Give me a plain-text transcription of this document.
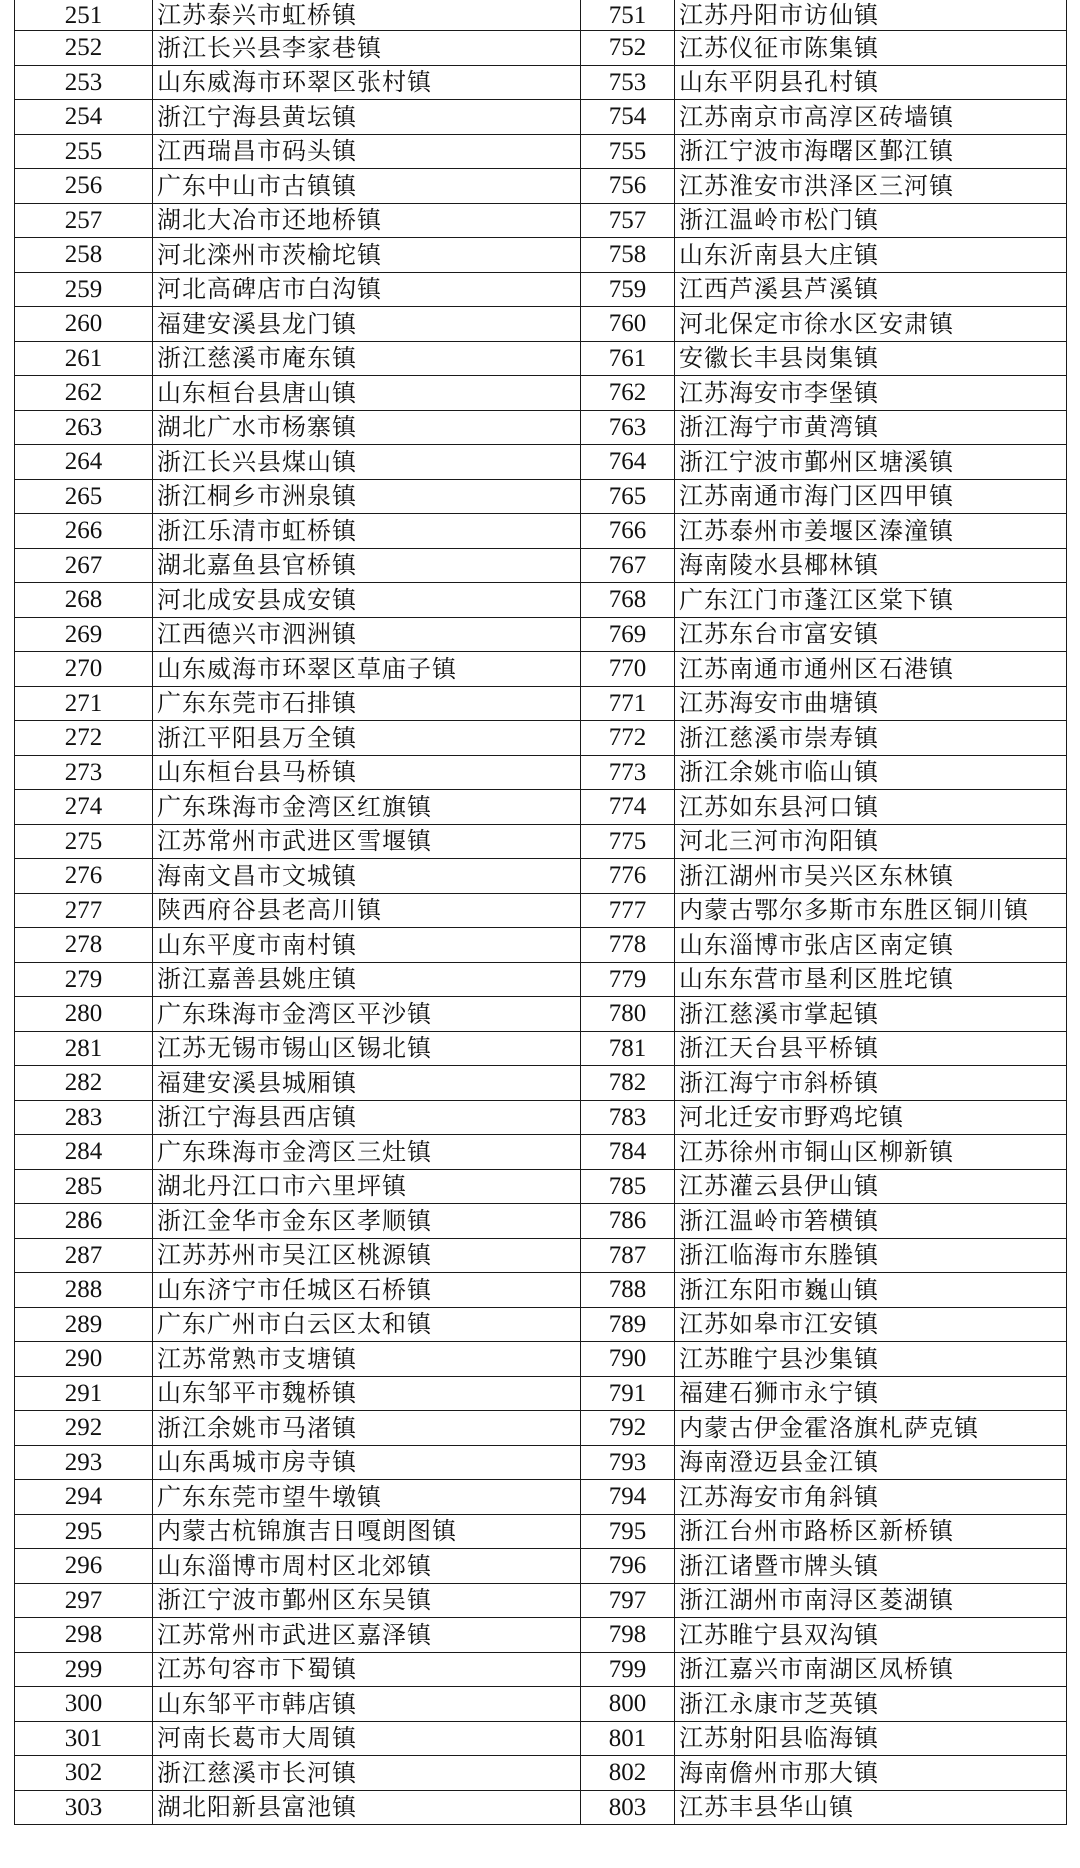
251	江苏泰兴市虹桥镇	751	江苏丹阳市访仙镇
252	浙江长兴县李家巷镇	752	江苏仪征市陈集镇
253	山东威海市环翠区张村镇	753	山东平阴县孔村镇
254	浙江宁海县黄坛镇	754	江苏南京市高淳区砖墙镇
255	江西瑞昌市码头镇	755	浙江宁波市海曙区鄞江镇
256	广东中山市古镇镇	756	江苏淮安市洪泽区三河镇
257	湖北大冶市还地桥镇	757	浙江温岭市松门镇
258	河北滦州市茨榆坨镇	758	山东沂南县大庄镇
259	河北高碑店市白沟镇	759	江西芦溪县芦溪镇
260	福建安溪县龙门镇	760	河北保定市徐水区安肃镇
261	浙江慈溪市庵东镇	761	安徽长丰县岗集镇
262	山东桓台县唐山镇	762	江苏海安市李堡镇
263	湖北广水市杨寨镇	763	浙江海宁市黄湾镇
264	浙江长兴县煤山镇	764	浙江宁波市鄞州区塘溪镇
265	浙江桐乡市洲泉镇	765	江苏南通市海门区四甲镇
266	浙江乐清市虹桥镇	766	江苏泰州市姜堰区溱潼镇
267	湖北嘉鱼县官桥镇	767	海南陵水县椰林镇
268	河北成安县成安镇	768	广东江门市蓬江区棠下镇
269	江西德兴市泗洲镇	769	江苏东台市富安镇
270	山东威海市环翠区草庙子镇	770	江苏南通市通州区石港镇
271	广东东莞市石排镇	771	江苏海安市曲塘镇
272	浙江平阳县万全镇	772	浙江慈溪市崇寿镇
273	山东桓台县马桥镇	773	浙江余姚市临山镇
274	广东珠海市金湾区红旗镇	774	江苏如东县河口镇
275	江苏常州市武进区雪堰镇	775	河北三河市泃阳镇
276	海南文昌市文城镇	776	浙江湖州市吴兴区东林镇
277	陕西府谷县老高川镇	777	内蒙古鄂尔多斯市东胜区铜川镇
278	山东平度市南村镇	778	山东淄博市张店区南定镇
279	浙江嘉善县姚庄镇	779	山东东营市垦利区胜坨镇
280	广东珠海市金湾区平沙镇	780	浙江慈溪市掌起镇
281	江苏无锡市锡山区锡北镇	781	浙江天台县平桥镇
282	福建安溪县城厢镇	782	浙江海宁市斜桥镇
283	浙江宁海县西店镇	783	河北迁安市野鸡坨镇
284	广东珠海市金湾区三灶镇	784	江苏徐州市铜山区柳新镇
285	湖北丹江口市六里坪镇	785	江苏灌云县伊山镇
286	浙江金华市金东区孝顺镇	786	浙江温岭市箬横镇
287	江苏苏州市吴江区桃源镇	787	浙江临海市东塍镇
288	山东济宁市任城区石桥镇	788	浙江东阳市巍山镇
289	广东广州市白云区太和镇	789	江苏如皋市江安镇
290	江苏常熟市支塘镇	790	江苏睢宁县沙集镇
291	山东邹平市魏桥镇	791	福建石狮市永宁镇
292	浙江余姚市马渚镇	792	内蒙古伊金霍洛旗札萨克镇
293	山东禹城市房寺镇	793	海南澄迈县金江镇
294	广东东莞市望牛墩镇	794	江苏海安市角斜镇
295	内蒙古杭锦旗吉日嘎朗图镇	795	浙江台州市路桥区新桥镇
296	山东淄博市周村区北郊镇	796	浙江诸暨市牌头镇
297	浙江宁波市鄞州区东吴镇	797	浙江湖州市南浔区菱湖镇
298	江苏常州市武进区嘉泽镇	798	江苏睢宁县双沟镇
299	江苏句容市下蜀镇	799	浙江嘉兴市南湖区凤桥镇
300	山东邹平市韩店镇	800	浙江永康市芝英镇
301	河南长葛市大周镇	801	江苏射阳县临海镇
302	浙江慈溪市长河镇	802	海南儋州市那大镇
303	湖北阳新县富池镇	803	江苏丰县华山镇
